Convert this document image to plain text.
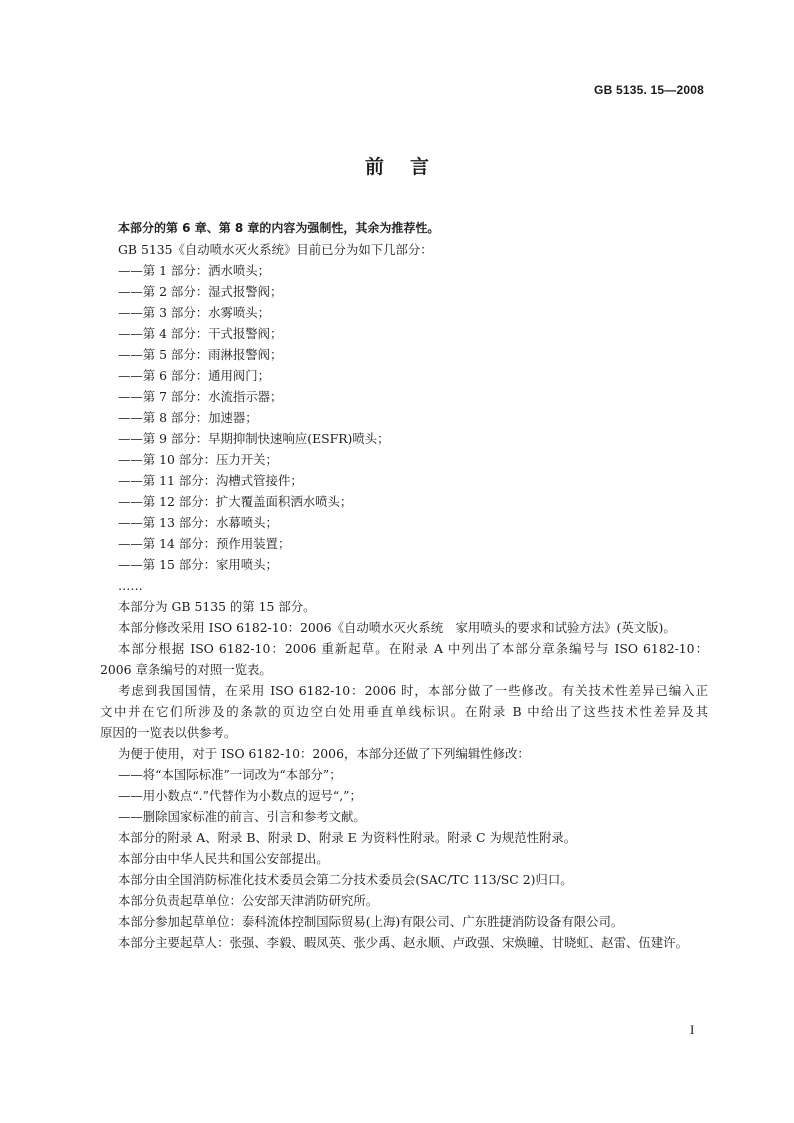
GB 5135. 15—2008
前言
本部分的第 6 章、第 8 章的内容为强制性，其余为推荐性。
GB 5135《自动喷水灭火系统》目前已分为如下几部分：
——第 1 部分：洒水喷头；
——第 2 部分：湿式报警阀；
——第 3 部分：水雾喷头；
——第 4 部分：干式报警阀；
——第 5 部分：雨淋报警阀；
——第 6 部分：通用阀门；
——第 7 部分：水流指示器；
——第 8 部分：加速器；
——第 9 部分：早期抑制快速响应(ESFR)喷头；
——第 10 部分：压力开关；
——第 11 部分：沟槽式管接件；
——第 12 部分：扩大覆盖面积洒水喷头；
——第 13 部分：水幕喷头；
——第 14 部分：预作用装置；
——第 15 部分：家用喷头；
……
本部分为 GB 5135 的第 15 部分。
本部分修改采用 ISO 6182-10：2006《自动喷水灭火系统　家用喷头的要求和试验方法》(英文版)。
本部分根据 ISO 6182-10：2006 重新起草。在附录 A 中列出了本部分章条编号与 ISO 6182-10：
2006 章条编号的对照一览表。
考虑到我国国情，在采用 ISO 6182-10：2006 时，本部分做了一些修改。有关技术性差异已编入正
文中并在它们所涉及的条款的页边空白处用垂直单线标识。在附录 B 中给出了这些技术性差异及其
原因的一览表以供参考。
为便于使用，对于 ISO 6182-10：2006，本部分还做了下列编辑性修改：
——将“本国际标准”一词改为“本部分”；
——用小数点“.”代替作为小数点的逗号“,”；
——删除国家标准的前言、引言和参考文献。
本部分的附录 A、附录 B、附录 D、附录 E 为资料性附录。附录 C 为规范性附录。
本部分由中华人民共和国公安部提出。
本部分由全国消防标准化技术委员会第二分技术委员会(SAC/TC 113/SC 2)归口。
本部分负责起草单位：公安部天津消防研究所。
本部分参加起草单位：泰科流体控制国际贸易(上海)有限公司、广东胜捷消防设备有限公司。
本部分主要起草人：张强、李毅、暇凤英、张少禹、赵永顺、卢政强、宋焕瞳、甘晓虹、赵雷、伍建许。
I
